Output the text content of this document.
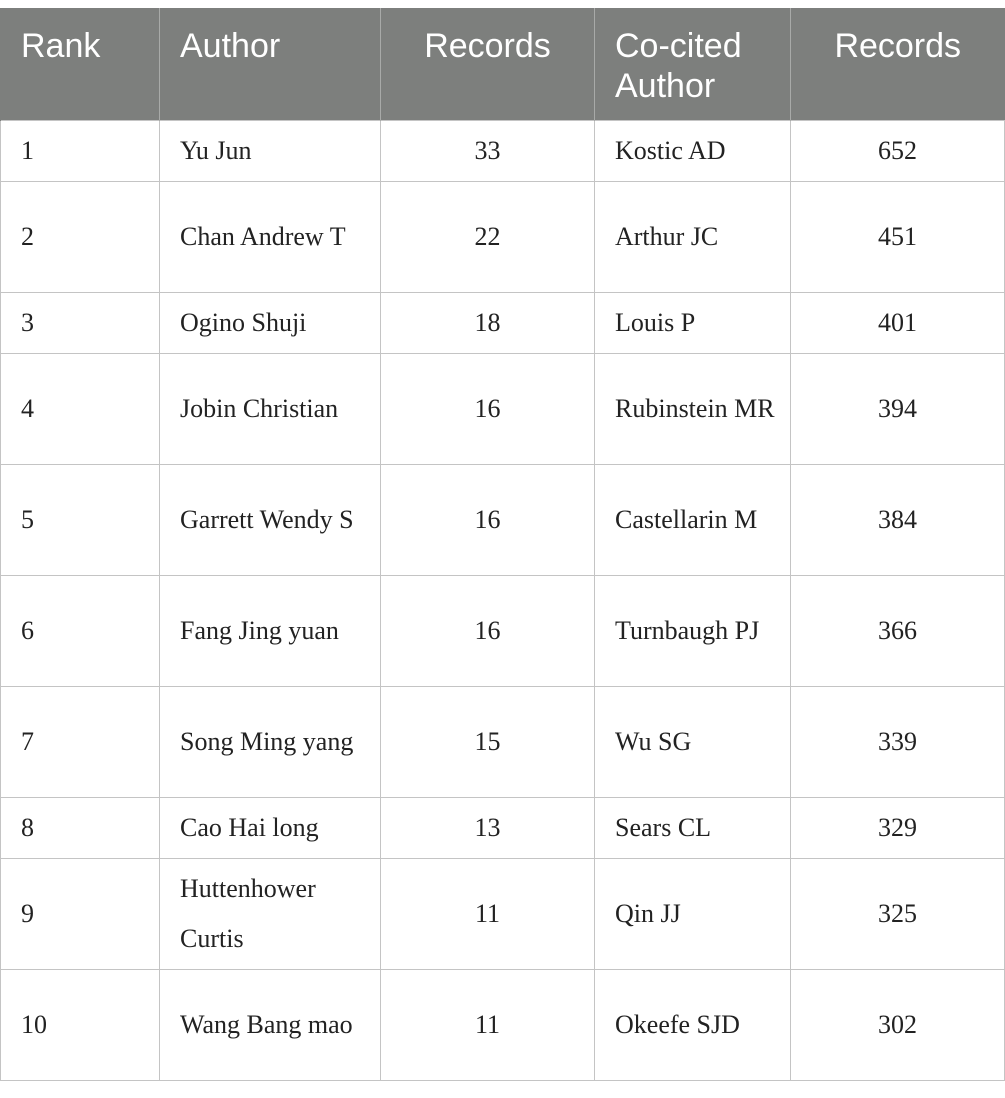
Rank	Author	Records	Co-cited Author	Records
1	Yu Jun	33	Kostic AD	652
2	Chan Andrew T	22	Arthur JC	451
3	Ogino Shuji	18	Louis P	401
4	Jobin Christian	16	Rubinstein MR	394
5	Garrett Wendy S	16	Castellarin M	384
6	Fang Jing yuan	16	Turnbaugh PJ	366
7	Song Ming yang	15	Wu SG	339
8	Cao Hai long	13	Sears CL	329
9	Huttenhower Curtis	11	Qin JJ	325
10	Wang Bang mao	11	Okeefe SJD	302
